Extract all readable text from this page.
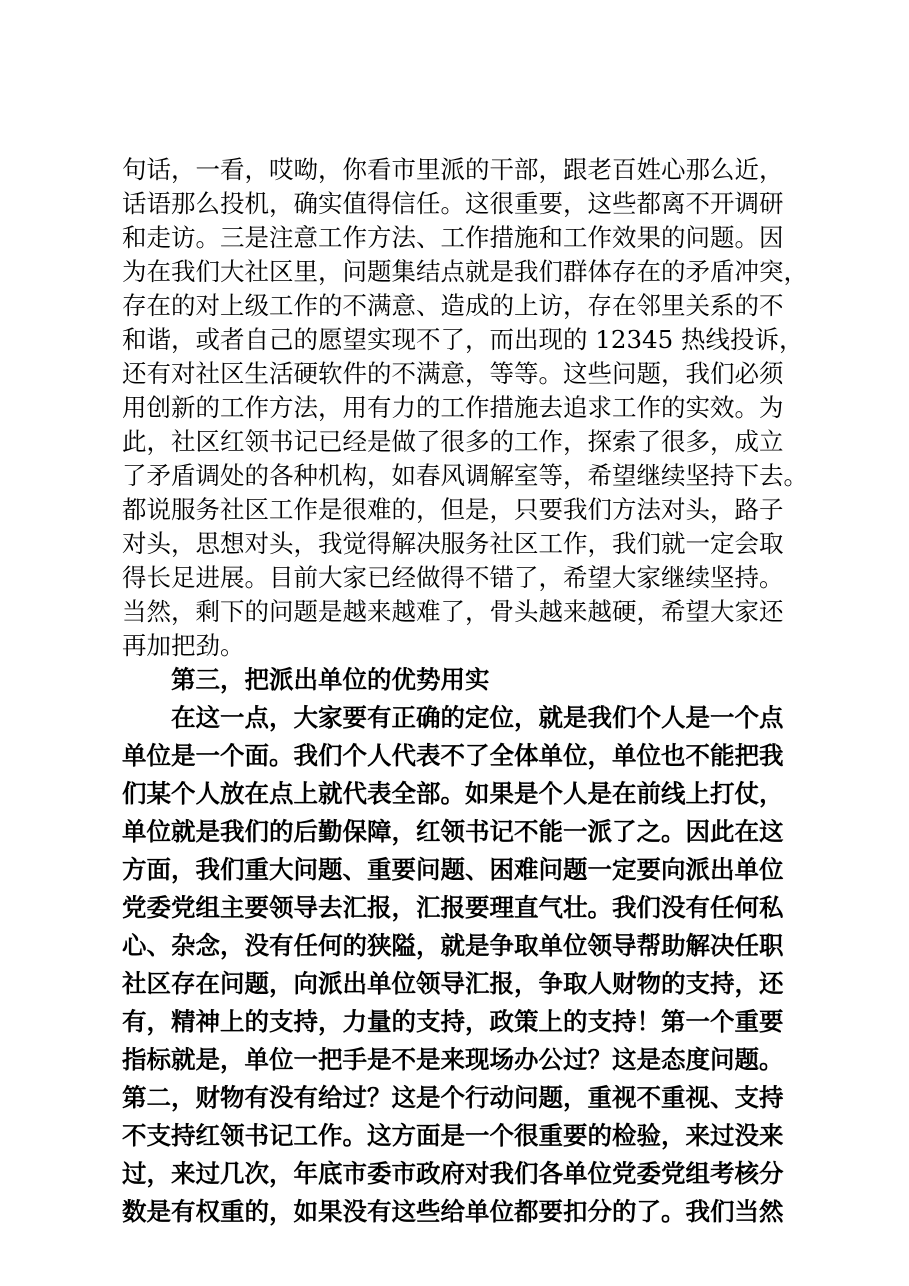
句话，一看，哎呦，你看市里派的干部，跟老百姓心那么近，
话语那么投机，确实值得信任。这很重要，这些都离不开调研
和走访。三是注意工作方法、工作措施和工作效果的问题。因
为在我们大社区里，问题集结点就是我们群体存在的矛盾冲突，
存在的对上级工作的不满意、造成的上访，存在邻里关系的不
和谐，或者自己的愿望实现不了，而出现的 12345 热线投诉，
还有对社区生活硬软件的不满意，等等。这些问题，我们必须
用创新的工作方法，用有力的工作措施去追求工作的实效。为
此，社区红领书记已经是做了很多的工作，探索了很多，成立
了矛盾调处的各种机构，如春风调解室等，希望继续坚持下去。
都说服务社区工作是很难的，但是，只要我们方法对头，路子
对头，思想对头，我觉得解决服务社区工作，我们就一定会取
得长足进展。目前大家已经做得不错了，希望大家继续坚持。
当然，剩下的问题是越来越难了，骨头越来越硬，希望大家还
再加把劲。
第三，把派出单位的优势用实
在这一点，大家要有正确的定位，就是我们个人是一个点
单位是一个面。我们个人代表不了全体单位，单位也不能把我
们某个人放在点上就代表全部。如果是个人是在前线上打仗，
单位就是我们的后勤保障，红领书记不能一派了之。因此在这
方面，我们重大问题、重要问题、困难问题一定要向派出单位
党委党组主要领导去汇报，汇报要理直气壮。我们没有任何私
心、杂念，没有任何的狭隘，就是争取单位领导帮助解决任职
社区存在问题，向派出单位领导汇报，争取人财物的支持，还
有，精神上的支持，力量的支持，政策上的支持！第一个重要
指标就是，单位一把手是不是来现场办公过？这是态度问题。
第二，财物有没有给过？这是个行动问题，重视不重视、支持
不支持红领书记工作。这方面是一个很重要的检验，来过没来
过，来过几次，年底市委市政府对我们各单位党委党组考核分
数是有权重的，如果没有这些给单位都要扣分的了。我们当然
